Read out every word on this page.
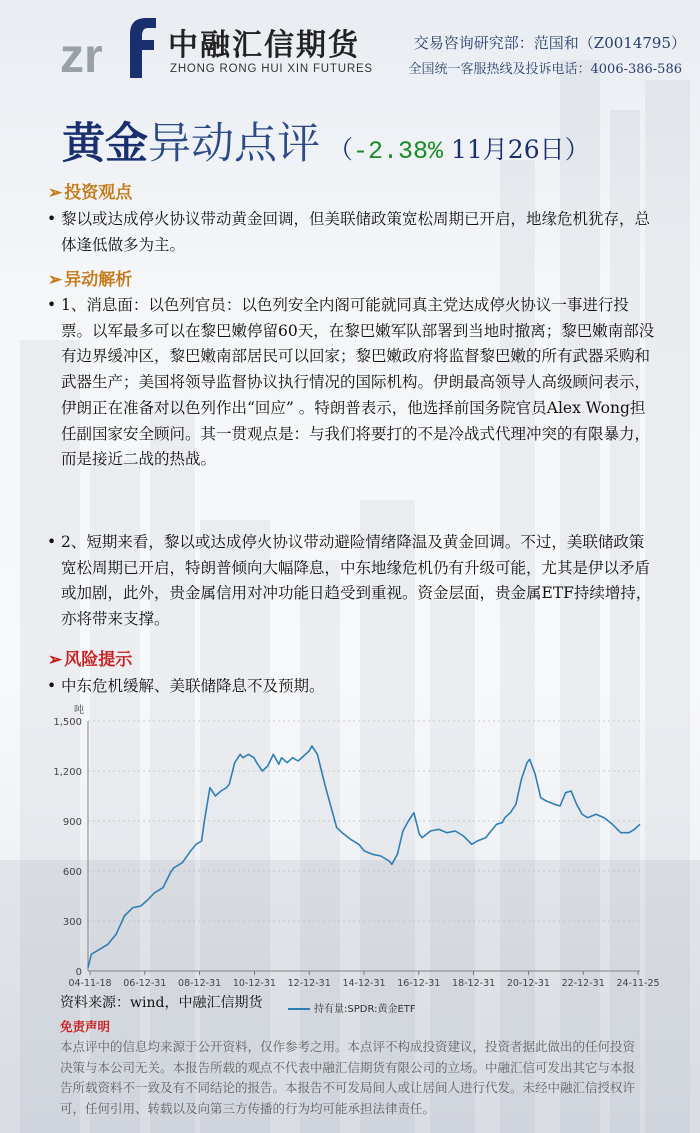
zr 中融汇信期货
ZHONG RONG HUI XIN FUTURES
交易咨询研究部：范国和（Z0014795）
全国统一客服热线及投诉电话：4006-386-586
黄金异动点评 （-2.38% 11月26日）
➢ 投资观点
• 黎以或达成停火协议带动黄金回调，但美联储政策宽松周期已开启，地缘危机犹存，总体逢低做多为主。
➢ 异动解析
• 1、消息面：以色列官员：以色列安全内阁可能就同真主党达成停火协议一事进行投票。以军最多可以在黎巴嫩停留60天，在黎巴嫩军队部署到当地时撤离；黎巴嫩南部没有边界缓冲区，黎巴嫩南部居民可以回家；黎巴嫩政府将监督黎巴嫩的所有武器采购和武器生产；美国将领导监督协议执行情况的国际机构。伊朗最高领导人高级顾问表示，伊朗正在准备对以色列作出“回应” 。特朗普表示，他选择前国务院官员Alex Wong担任副国家安全顾问。其一贯观点是：与我们将要打的不是冷战式代理冲突的有限暴力，而是接近二战的热战。
• 2、短期来看，黎以或达成停火协议带动避险情绪降温及黄金回调。不过，美联储政策宽松周期已开启，特朗普倾向大幅降息，中东地缘危机仍有升级可能，尤其是伊以矛盾或加剧，此外，贵金属信用对冲功能日趋受到重视。资金层面，贵金属ETF持续增持，亦将带来支撑。
➢ 风险提示
• 中东危机缓解、美联储降息不及预期。
0
300
600
900
1,200
1,500
吨
04-11-18 06-12-31 08-12-31 10-12-31 12-12-31 14-12-31 16-12-31 18-12-31 20-12-31 22-12-31 24-11-25
资料来源：wind，中融汇信期货	持有量:SPDR:黄金ETF
免责声明
本点评中的信息均来源于公开资料，仅作参考之用。本点评不构成投资建议，投资者据此做出的任何投资决策与本公司无关。本报告所载的观点不代表中融汇信期货有限公司的立场。中融汇信可发出其它与本报告所载资料不一致及有不同结论的报告。本报告不可发局间人或让居间人进行代发。未经中融汇信授权许可，任何引用、转载以及向第三方传播的行为均可能承担法律责任。
